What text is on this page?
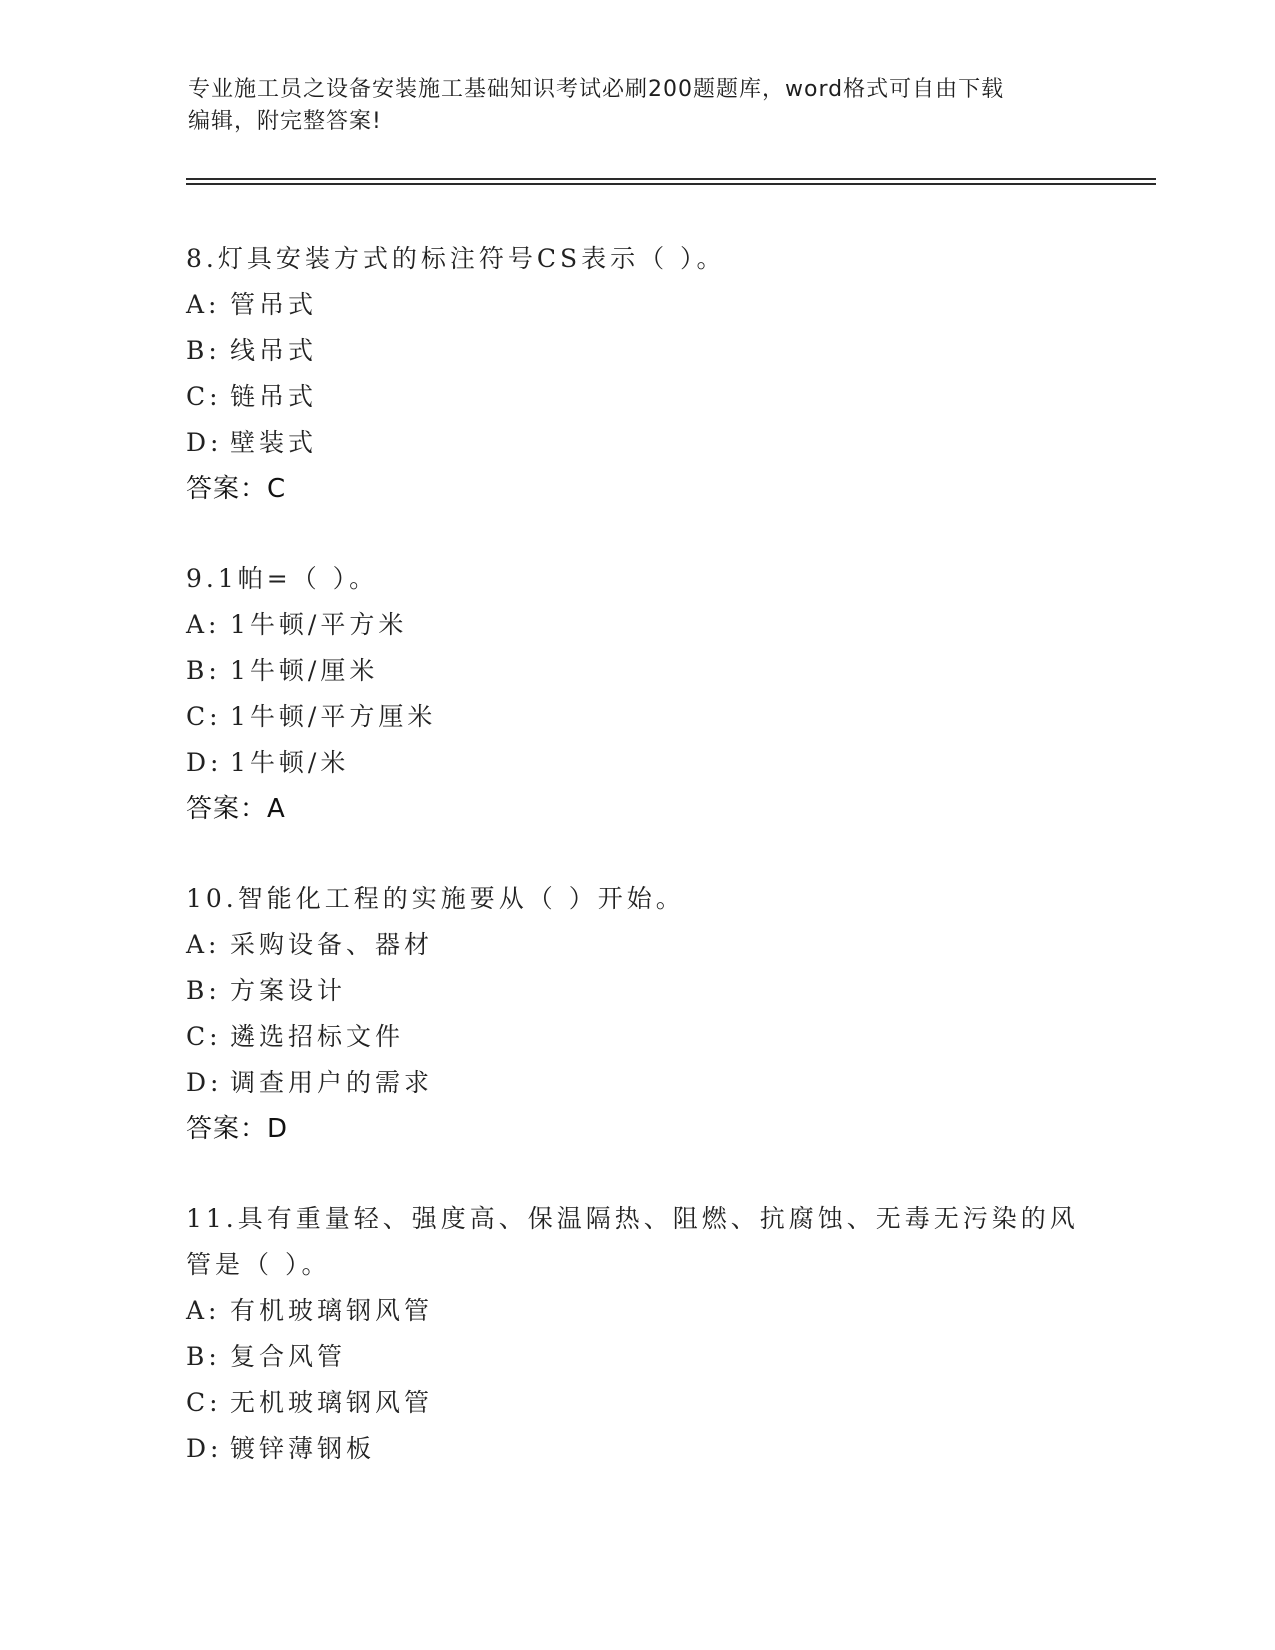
专业施工员之设备安装施工基础知识考试必刷200题题库，word格式可自由下载
编辑，附完整答案!
8.灯具安装方式的标注符号CS表示（ ）。
A: 管吊式
B: 线吊式
C: 链吊式
D: 壁装式
答案：C
9.1帕=（ ）。
A: 1牛顿/平方米
B: 1牛顿/厘米
C: 1牛顿/平方厘米
D: 1牛顿/米
答案：A
10.智能化工程的实施要从（ ）开始。
A: 采购设备、器材
B: 方案设计
C: 遴选招标文件
D: 调查用户的需求
答案：D
11.具有重量轻、强度高、保温隔热、阻燃、抗腐蚀、无毒无污染的风
管是（ ）。
A: 有机玻璃钢风管
B: 复合风管
C: 无机玻璃钢风管
D: 镀锌薄钢板
